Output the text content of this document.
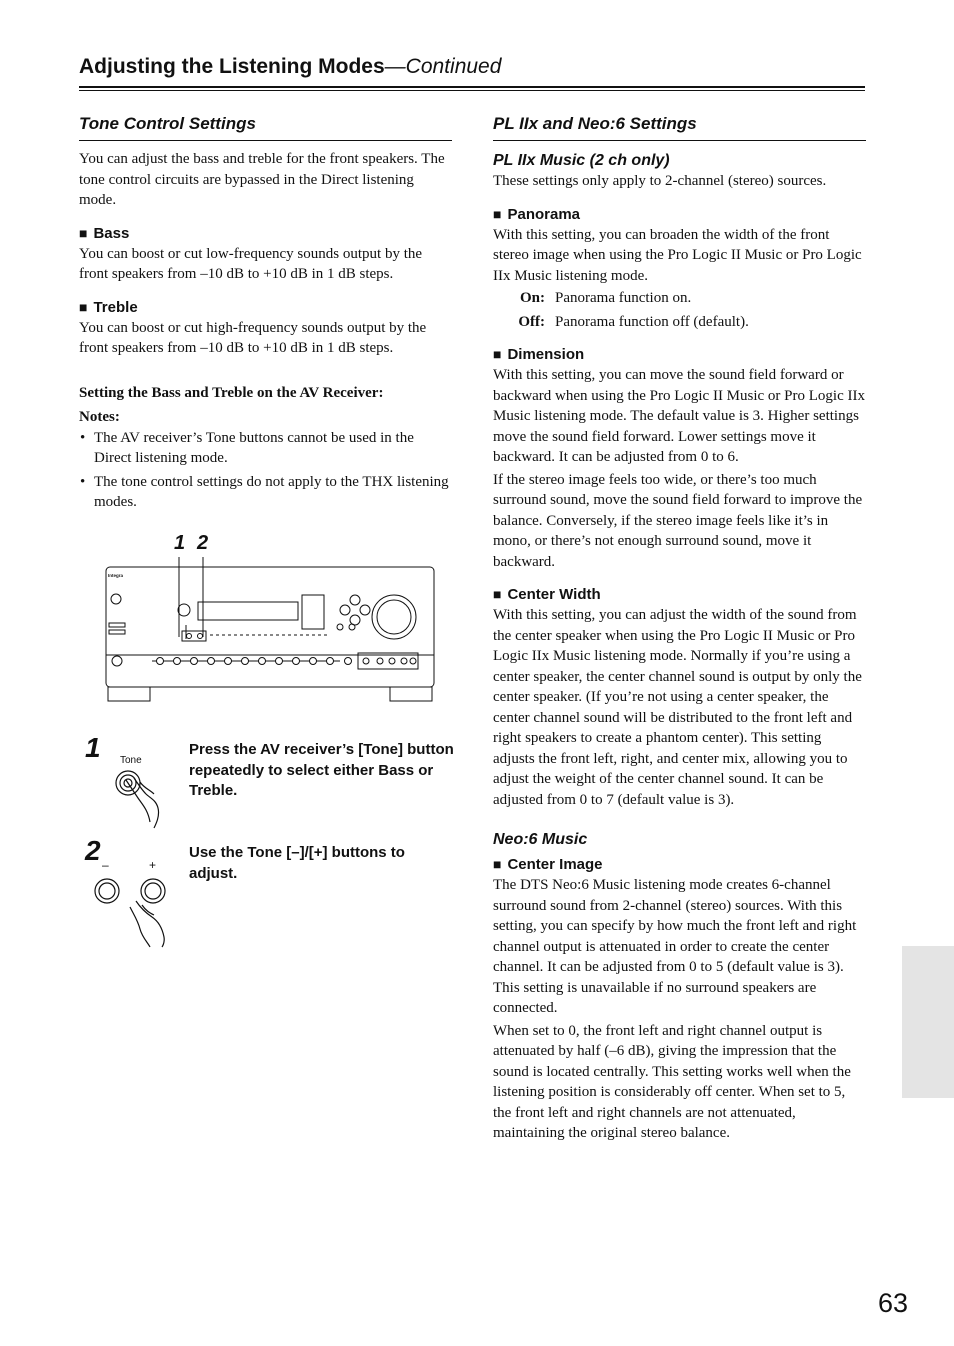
Adjusting the Listening Modes—Continued
Tone Control Settings

You can adjust the bass and treble for the front speakers. The tone control circuits are bypassed in the Direct listening mode.

■ Bass

You can boost or cut low-frequency sounds output by the front speakers from –10 dB to +10 dB in 1 dB steps.

■ Treble

You can boost or cut high-frequency sounds output by the front speakers from –10 dB to +10 dB in 1 dB steps.

Setting the Bass and Treble on the AV Receiver:

Notes:

• The AV receiver’s Tone buttons cannot be used in the Direct listening mode.
• The tone control settings do not apply to the THX listening modes.
1 2
Integra
1 Tone
Press the AV receiver’s [Tone] button repeatedly to select either Bass or Treble.
2 –	+
Use the Tone [–]/[+] buttons to adjust.
PL IIx and Neo:6 Settings
PL IIx Music (2 ch only)

These settings only apply to 2-channel (stereo) sources.

■ Panorama

With this setting, you can broaden the width of the front stereo image when using the Pro Logic II Music or Pro Logic IIx Music listening mode.

On: Panorama function on.
Off: Panorama function off (default).
■ Dimension

With this setting, you can move the sound field forward or backward when using the Pro Logic II Music or Pro Logic IIx Music listening mode. The default value is 3. Higher settings move the sound field forward. Lower settings move it backward. It can be adjusted from 0 to 6.

If the stereo image feels too wide, or there’s too much surround sound, move the sound field forward to improve the balance. Conversely, if the stereo image feels like it’s in mono, or there’s not enough surround sound, move it backward.

■ Center Width

With this setting, you can adjust the width of the sound from the center speaker when using the Pro Logic II Music or Pro Logic IIx Music listening mode. Normally if you’re using a center speaker, the center channel sound is output by only the center speaker. (If you’re not using a center speaker, the center channel sound will be distributed to the front left and right speakers to create a phantom center). This setting adjusts the front left, right, and center mix, allowing you to adjust the weight of the center channel sound. It can be adjusted from 0 to 7 (default value is 3).

Neo:6 Music
■ Center Image

The DTS Neo:6 Music listening mode creates 6-channel surround sound from 2-channel (stereo) sources. With this setting, you can specify by how much the front left and right channel output is attenuated in order to create the center channel. It can be adjusted from 0 to 5 (default value is 3). This setting is unavailable if no surround speakers are connected.

When set to 0, the front left and right channel output is attenuated by half (–6 dB), giving the impression that the sound is located centrally. This setting works well when the listening position is considerably off center. When set to 5, the front left and right channels are not attenuated, maintaining the original stereo balance.

63
